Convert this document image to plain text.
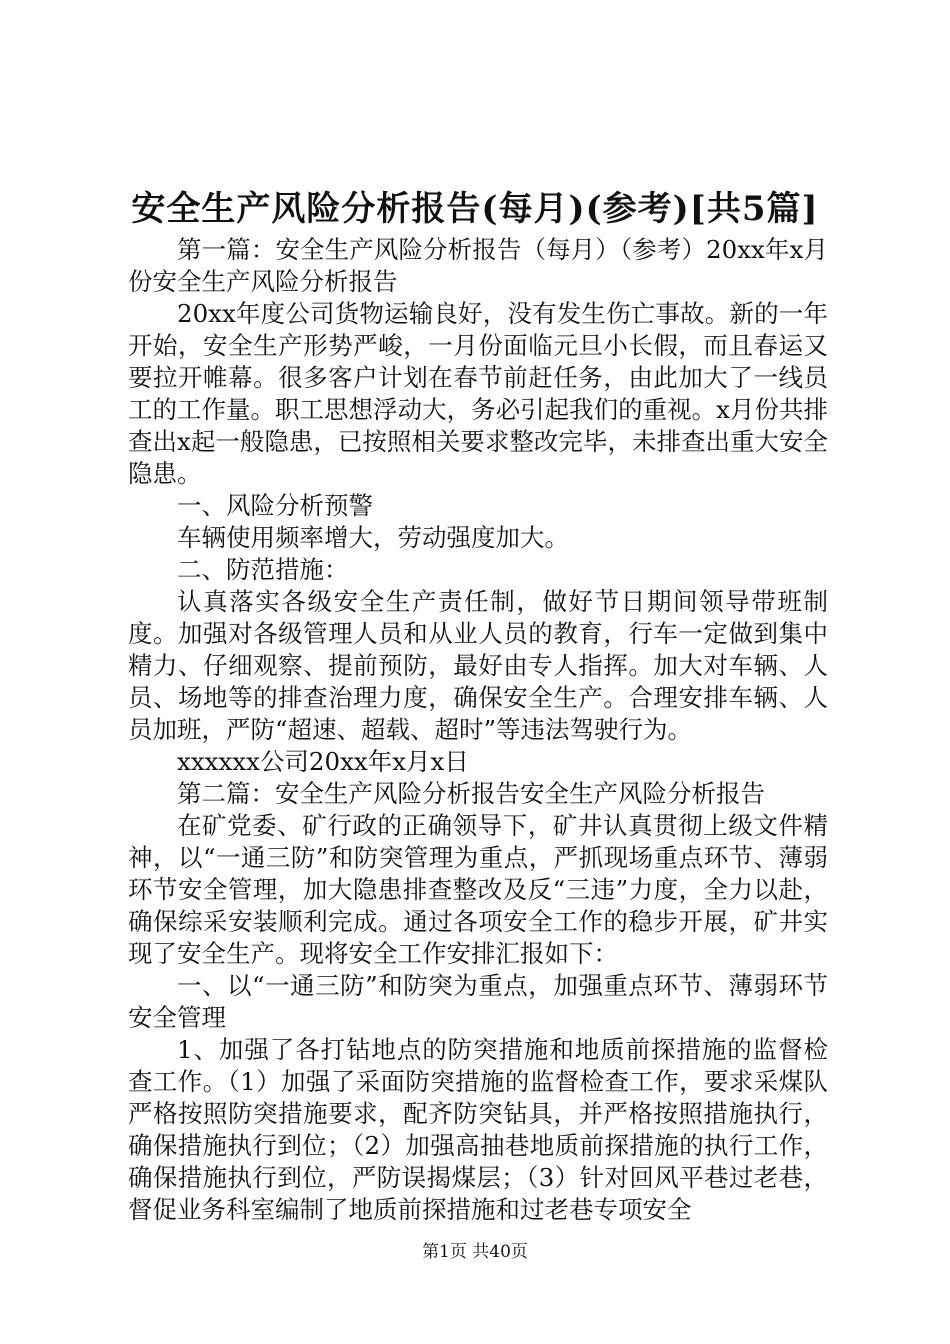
安全生产风险分析报告(每月)(参考)[共5篇]

第一篇：安全生产风险分析报告（每月）（参考）20xx年x月份安全生产风险分析报告

20xx年度公司货物运输良好，没有发生伤亡事故。新的一年开始，安全生产形势严峻，一月份面临元旦小长假，而且春运又要拉开帷幕。很多客户计划在春节前赶任务，由此加大了一线员工的工作量。职工思想浮动大，务必引起我们的重视。x月份共排查出x起一般隐患，已按照相关要求整改完毕，未排查出重大安全隐患。

一、风险分析预警

车辆使用频率增大，劳动强度加大。

二、防范措施：

认真落实各级安全生产责任制，做好节日期间领导带班制度。加强对各级管理人员和从业人员的教育，行车一定做到集中精力、仔细观察、提前预防，最好由专人指挥。加大对车辆、人员、场地等的排查治理力度，确保安全生产。合理安排车辆、人员加班，严防“超速、超载、超时”等违法驾驶行为。

xxxxxx公司20xx年x月x日

第二篇：安全生产风险分析报告安全生产风险分析报告

在矿党委、矿行政的正确领导下，矿井认真贯彻上级文件精神，以“一通三防”和防突管理为重点，严抓现场重点环节、薄弱环节安全管理，加大隐患排查整改及反“三违”力度，全力以赴，确保综采安装顺利完成。通过各项安全工作的稳步开展，矿井实现了安全生产。现将安全工作安排汇报如下：

一、以“一通三防”和防突为重点，加强重点环节、薄弱环节安全管理

1、加强了各打钻地点的防突措施和地质前探措施的监督检查工作。（1）加强了采面防突措施的监督检查工作，要求采煤队严格按照防突措施要求，配齐防突钻具，并严格按照措施执行，确保措施执行到位；（2）加强高抽巷地质前探措施的执行工作，确保措施执行到位，严防误揭煤层；（3）针对回风平巷过老巷，督促业务科室编制了地质前探措施和过老巷专项安全

第1页 共40页
